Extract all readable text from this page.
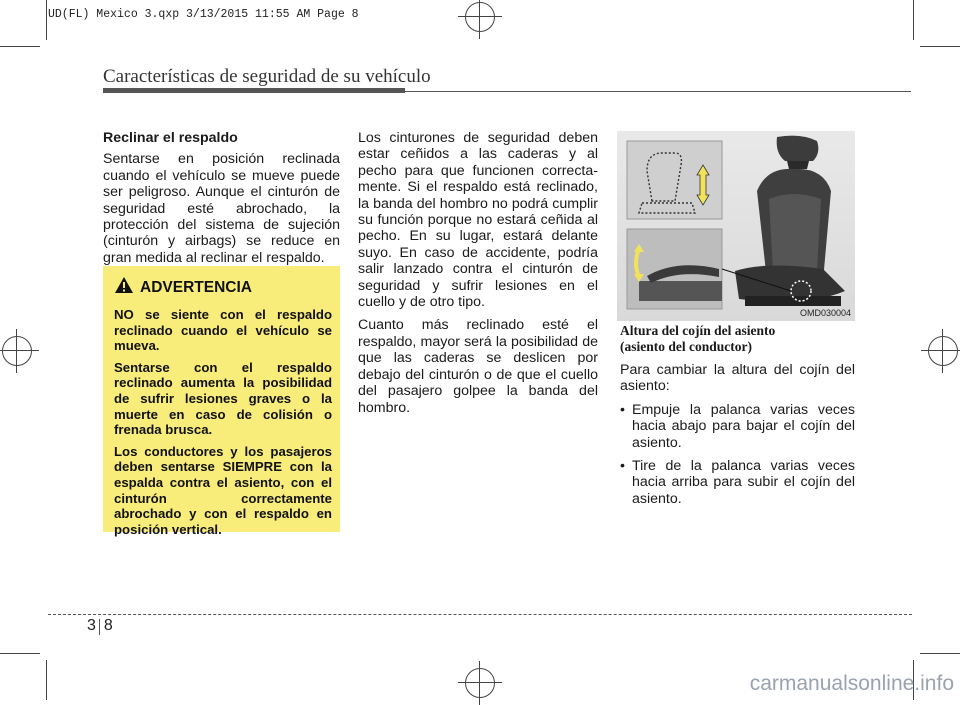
UD(FL) Mexico 3.qxp 3/13/2015 11:55 AM Page 8
Características de seguridad de su vehículo

Reclinar el respaldo

Sentarse en posición reclinada cuando el vehículo se mueve puede ser peligroso. Aunque el cinturón de seguridad esté abrochado, la protección del sistema de sujeción (cinturón y airbags) se reduce en gran medida al reclinar el respaldo.

ADVERTENCIA

NO se siente con el respaldo reclinado cuando el vehículo se mueva.

Sentarse con el respaldo reclinado aumenta la posibilidad de sufrir lesiones graves o la muerte en caso de colisión o frenada brusca.

Los conductores y los pasajeros deben sentarse SIEMPRE con la espalda contra el asiento, con el cinturón correctamente abrochado y con el respaldo en posición vertical.

Los cinturones de seguridad deben estar ceñidos a las caderas y al pecho para que funcionen correctamente. Si el respaldo está reclinado, la banda del hombro no podrá cumplir su función porque no estará ceñida al pecho. En su lugar, estará delante suyo. En caso de accidente, podría salir lanzado contra el cinturón de seguridad y sufrir lesiones en el cuello y de otro tipo.

Cuanto más reclinado esté el respaldo, mayor será la posibilidad de que las caderas se deslicen por debajo del cinturón o de que el cuello del pasajero golpee la banda del hombro.

OMD030004

Altura del cojín del asiento
(asiento del conductor)

Para cambiar la altura del cojín del asiento:

• Empuje la palanca varias veces hacia abajo para bajar el cojín del asiento.
• Tire de la palanca varias veces hacia arriba para subir el cojín del asiento.
3 8
carmanualsonline.info
